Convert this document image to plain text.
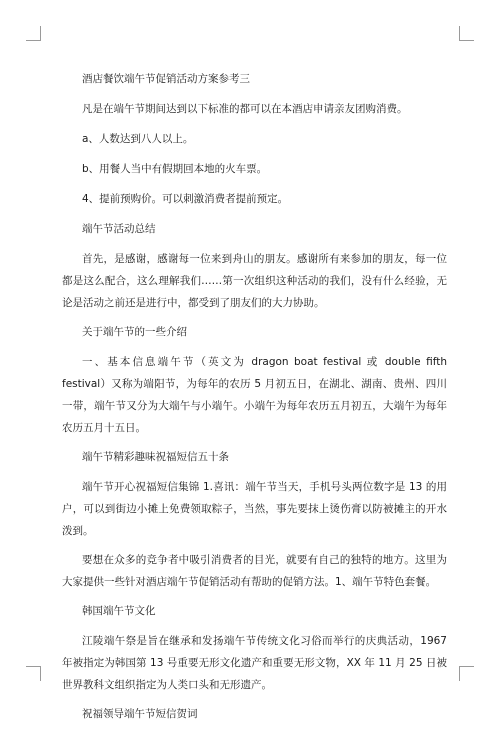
酒店餐饮端午节促销活动方案参考三

凡是在端午节期间达到以下标准的都可以在本酒店申请亲友团购消费。

a、人数达到八人以上。

b、用餐人当中有假期回本地的火车票。

4、提前预购价。可以刺激消费者提前预定。

端午节活动总结

首先，是感谢，感谢每一位来到舟山的朋友。感谢所有来参加的朋友，每一位都是这么配合，这么理解我们……第一次组织这种活动的我们，没有什么经验，无论是活动之前还是进行中，都受到了朋友们的大力协助。

关于端午节的一些介绍

一、基本信息端午节（英文为 dragon boat festival 或 double fifth festival）又称为端阳节，为每年的农历 5 月初五日，在湖北、湖南、贵州、四川一带，端午节又分为大端午与小端午。小端午为每年农历五月初五，大端午为每年农历五月十五日。

端午节精彩趣味祝福短信五十条

端午节开心祝福短信集锦 1.喜讯：端午节当天，手机号头两位数字是 13 的用户，可以到街边小摊上免费领取粽子，当然，事先要抹上烫伤膏以防被摊主的开水泼到。

要想在众多的竞争者中吸引消费者的目光，就要有自己的独特的地方。这里为大家提供一些针对酒店端午节促销活动有帮助的促销方法。1、端午节特色套餐。

韩国端午节文化

江陵端午祭是旨在继承和发扬端午节传统文化习俗而举行的庆典活动，1967 年被指定为韩国第 13 号重要无形文化遗产和重要无形文物，XX 年 11 月 25 日被世界教科文组织指定为人类口头和无形遗产。

祝福领导端午节短信贺词
